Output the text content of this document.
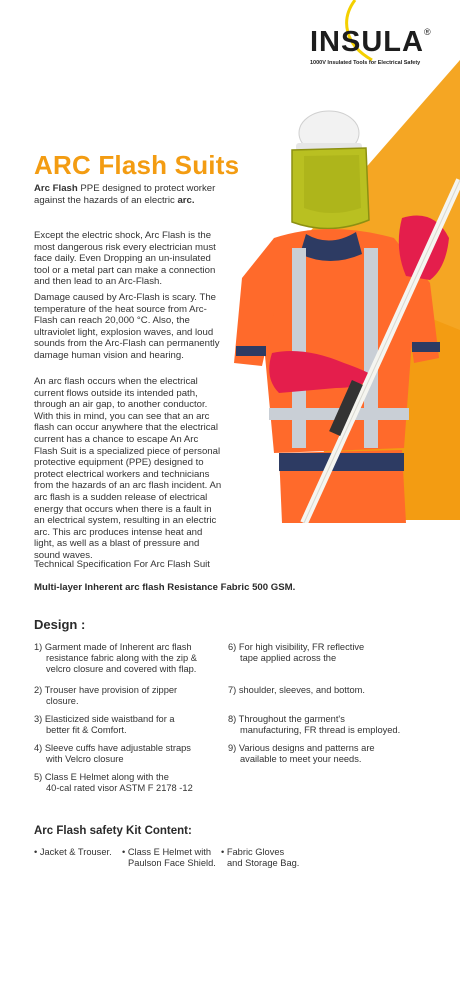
INSULA®
1000V Insulated Tools for Electrical Safety
ARC Flash Suits
Arc Flash PPE designed to protect worker against the hazards of an electric arc.
Except the electric shock, Arc Flash is the most dangerous risk every electrician must face daily. Even Dropping an un-insulated tool or a metal part can make a connection and then lead to an Arc-Flash.
Damage caused by Arc-Flash is scary. The temperature of the heat source from Arc-Flash can reach 20,000 °C. Also, the ultraviolet light, explosion waves, and loud sounds from the Arc-Flash can permanently damage human vision and hearing.
An arc flash occurs when the electrical current flows outside its intended path, through an air gap, to another conductor. With this in mind, you can see that an arc flash can occur anywhere that the electrical current has a chance to escape An Arc Flash Suit is a specialized piece of personal protective equipment (PPE) designed to protect electrical workers and technicians from the hazards of an arc flash incident. An arc flash is a sudden release of electrical energy that occurs when there is a fault in an electrical system, resulting in an electric arc. This arc produces intense heat and light, as well as a blast of pressure and sound waves.
Technical Specification For Arc Flash Suit
Multi-layer Inherent arc flash Resistance Fabric 500 GSM.
Design :
1) Garment made of Inherent arc flash
resistance fabric along with the zip &
velcro closure and covered with flap.
2) Trouser have provision of zipper
closure.
3) Elasticized side waistband for a
better fit & Comfort.
4) Sleeve cuffs have adjustable straps
with Velcro closure
5) Class E Helmet along with the
40-cal rated visor ASTM F 2178 -12
6) For high visibility, FR reflective
tape applied across the
7) shoulder, sleeves, and bottom.
8) Throughout the garment's
manufacturing, FR thread is employed.
9) Various designs and patterns are
available to meet your needs.
Arc Flash safety Kit Content:
• Jacket & Trouser.	• Class E Helmet with
Paulson Face Shield.
• Fabric Gloves
and Storage Bag.
